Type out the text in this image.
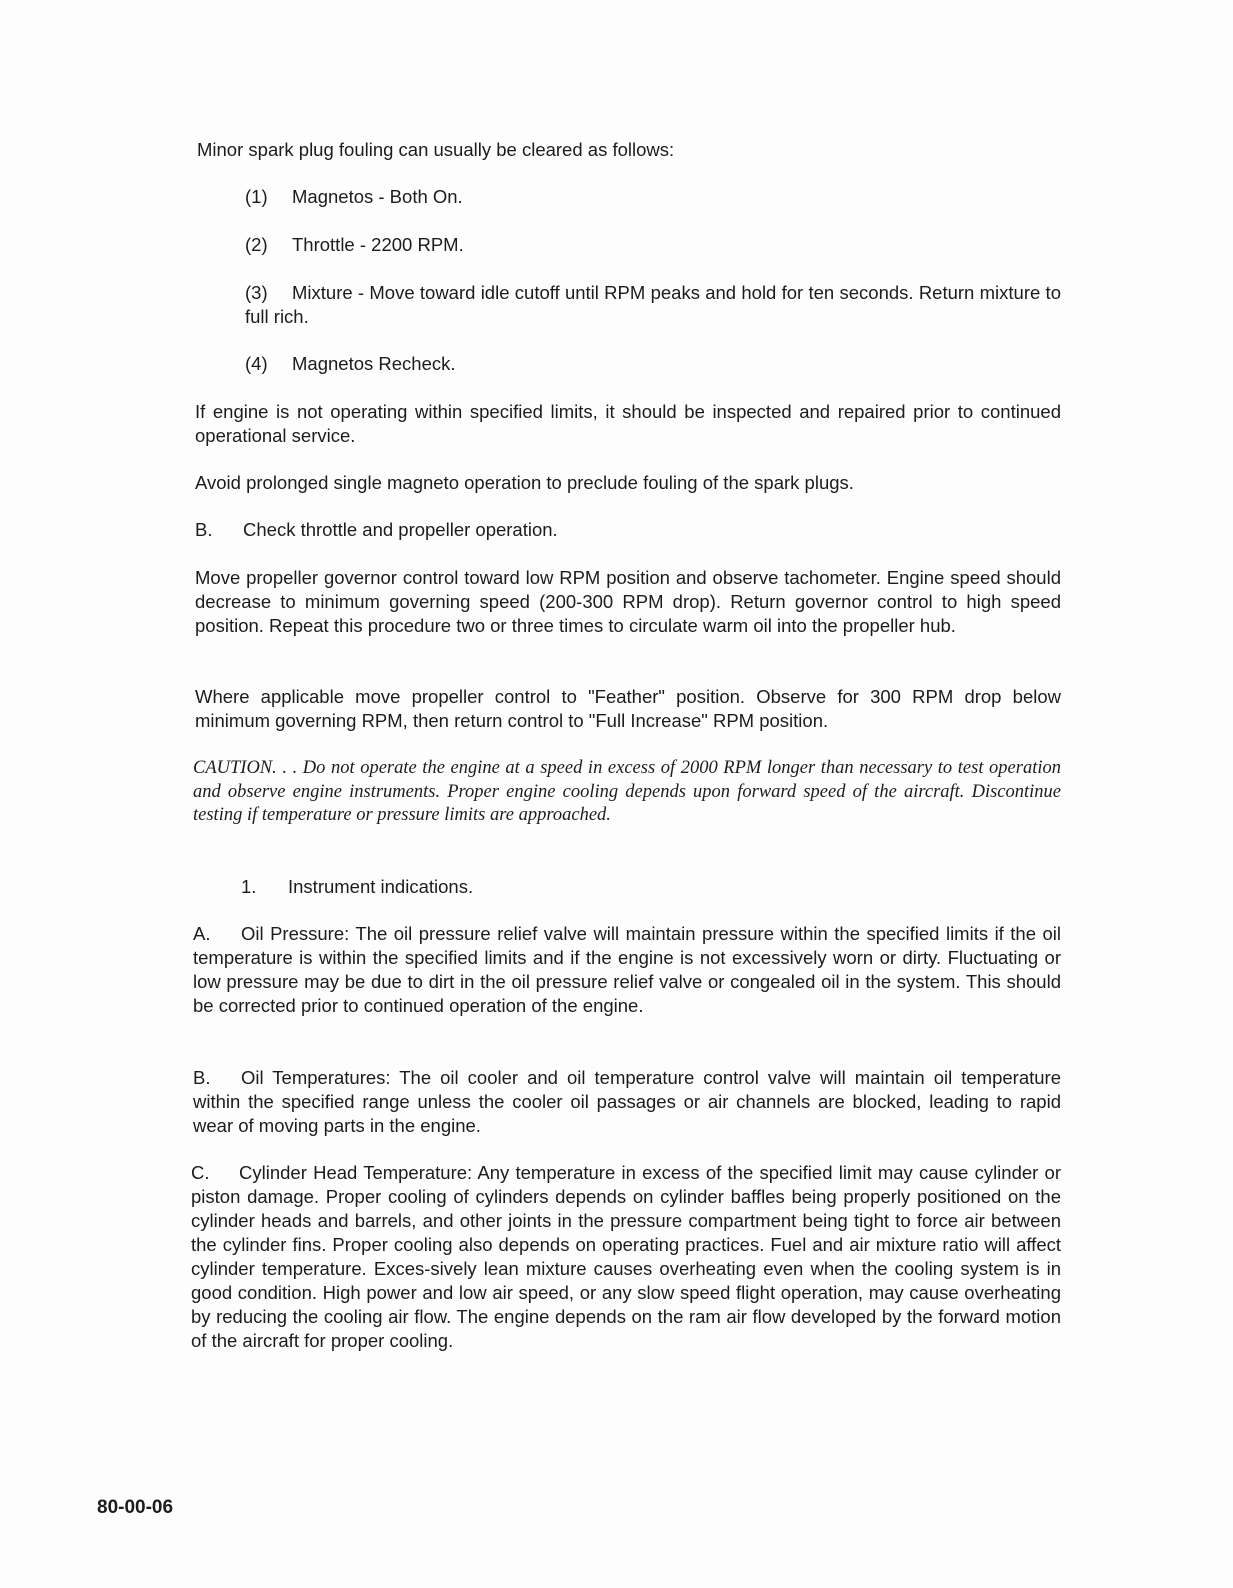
Minor spark plug fouling can usually be cleared as follows:

(1) Magnetos - Both On.

(2) Throttle - 2200 RPM.

(3) Mixture - Move toward idle cutoff until RPM peaks and hold for ten seconds. Return mixture to full rich.

(4) Magnetos Recheck.

If engine is not operating within specified limits, it should be inspected and repaired prior to continued operational service.

Avoid prolonged single magneto operation to preclude fouling of the spark plugs.

B. Check throttle and propeller operation.

Move propeller governor control toward low RPM position and observe tachometer. Engine speed should decrease to minimum governing speed (200-300 RPM drop). Return governor control to high speed position. Repeat this procedure two or three times to circulate warm oil into the propeller hub.

Where applicable move propeller control to "Feather" position. Observe for 300 RPM drop below minimum governing RPM, then return control to "Full Increase" RPM position.

CAUTION. . . Do not operate the engine at a speed in excess of 2000 RPM longer than necessary to test operation and observe engine instruments. Proper engine cooling depends upon forward speed of the aircraft. Discontinue testing if temperature or pressure limits are approached.

1. Instrument indications.

A. Oil Pressure: The oil pressure relief valve will maintain pressure within the specified limits if the oil temperature is within the specified limits and if the engine is not excessively worn or dirty. Fluctuating or low pressure may be due to dirt in the oil pressure relief valve or congealed oil in the system. This should be corrected prior to continued operation of the engine.

B. Oil Temperatures: The oil cooler and oil temperature control valve will maintain oil temperature within the specified range unless the cooler oil passages or air channels are blocked, leading to rapid wear of moving parts in the engine.

C. Cylinder Head Temperature: Any temperature in excess of the specified limit may cause cylinder or piston damage. Proper cooling of cylinders depends on cylinder baffles being properly positioned on the cylinder heads and barrels, and other joints in the pressure compartment being tight to force air between the cylinder fins. Proper cooling also depends on operating practices. Fuel and air mixture ratio will affect cylinder temperature. Exces-sively lean mixture causes overheating even when the cooling system is in good condition. High power and low air speed, or any slow speed flight operation, may cause overheating by reducing the cooling air flow. The engine depends on the ram air flow developed by the forward motion of the aircraft for proper cooling.

80-00-06
